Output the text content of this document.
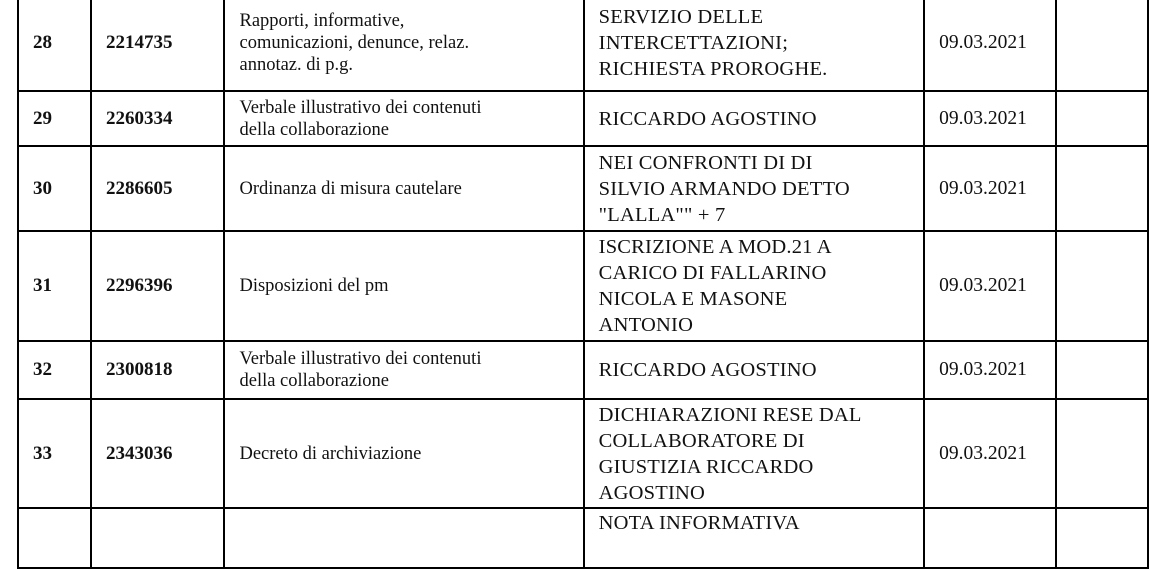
28	2214735	Rapporti, informative,
comunicazioni, denunce, relaz.
annotaz. di p.g.	SERVIZIO DELLE
INTERCETTAZIONI;
RICHIESTA PROROGHE.	09.03.2021	
29	2260334	Verbale illustrativo dei contenuti
della collaborazione	RICCARDO AGOSTINO	09.03.2021	
30	2286605	Ordinanza di misura cautelare	NEI CONFRONTI DI DI
SILVIO ARMANDO DETTO
"LALLA"" + 7	09.03.2021	
31	2296396	Disposizioni del pm	ISCRIZIONE A MOD.21 A
CARICO DI FALLARINO
NICOLA E MASONE
ANTONIO	09.03.2021	
32	2300818	Verbale illustrativo dei contenuti
della collaborazione	RICCARDO AGOSTINO	09.03.2021	
33	2343036	Decreto di archiviazione	DICHIARAZIONI RESE DAL
COLLABORATORE DI
GIUSTIZIA RICCARDO
AGOSTINO	09.03.2021	

			NOTA INFORMATIVA		
